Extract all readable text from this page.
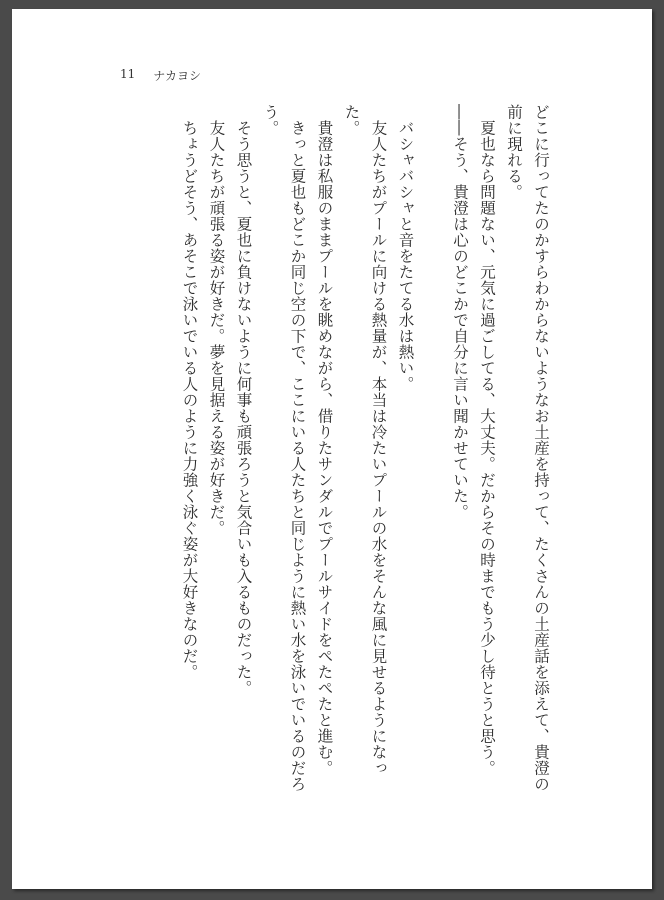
11 ナカヨシ

どこに行ってたのかすらわからないようなお土産を持って、たくさんの土産話を添えて、貴澄の前に現れる。

夏也なら問題ない、元気に過ごしてる、大丈夫。だからその時までもう少し待とうと思う。

――そう、貴澄は心のどこかで自分に言い聞かせていた。

バシャバシャと音をたてる水は熱い。

友人たちがプールに向ける熱量が、本当は冷たいプールの水をそんな風に見せるようになった。

貴澄は私服のままプールを眺めながら、借りたサンダルでプールサイドをぺたぺたと進む。

きっと夏也もどこか同じ空の下で、ここにいる人たちと同じように熱い水を泳いでいるのだろう。

そう思うと、夏也に負けないように何事も頑張ろうと気合いも入るものだった。

友人たちが頑張る姿が好きだ。夢を見据える姿が好きだ。

ちょうどそう、あそこで泳いでいる人のように力強く泳ぐ姿が大好きなのだ。
